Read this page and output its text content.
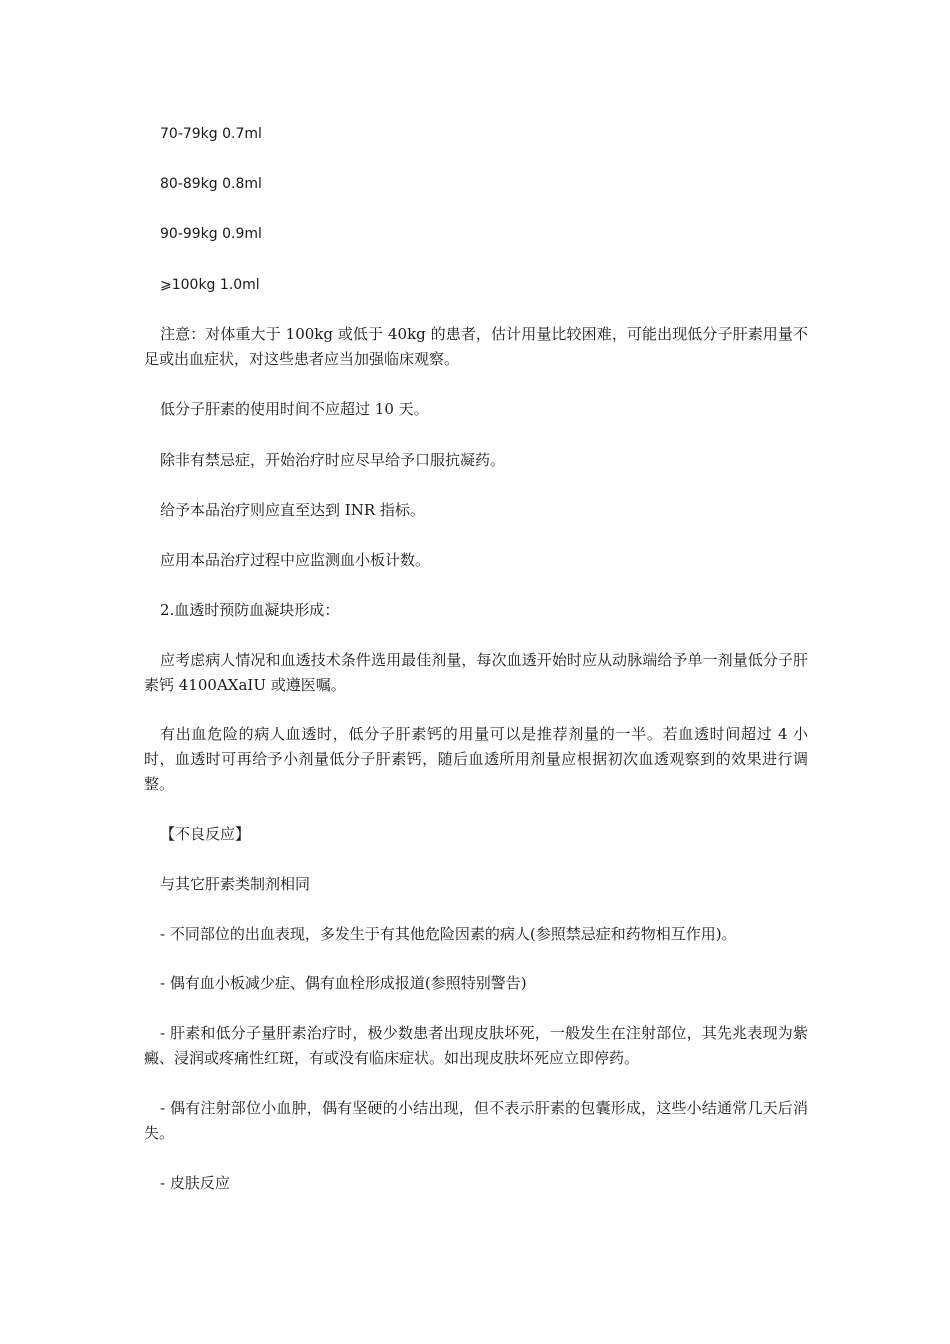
70-79kg 0.7ml

80-89kg 0.8ml

90-99kg 0.9ml

⩾100kg 1.0ml

注意：对体重大于 100kg 或低于 40kg 的患者，估计用量比较困难，可能出现低分子肝素用量不足或出血症状，对这些患者应当加强临床观察。

低分子肝素的使用时间不应超过 10 天。

除非有禁忌症，开始治疗时应尽早给予口服抗凝药。

给予本品治疗则应直至达到 INR 指标。

应用本品治疗过程中应监测血小板计数。

2.血透时预防血凝块形成：

应考虑病人情况和血透技术条件选用最佳剂量，每次血透开始时应从动脉端给予单一剂量低分子肝素钙 4100AXaIU 或遵医嘱。

有出血危险的病人血透时，低分子肝素钙的用量可以是推荐剂量的一半。若血透时间超过 4 小时，血透时可再给予小剂量低分子肝素钙，随后血透所用剂量应根据初次血透观察到的效果进行调整。

【不良反应】

与其它肝素类制剂相同

- 不同部位的出血表现，多发生于有其他危险因素的病人(参照禁忌症和药物相互作用)。

- 偶有血小板减少症、偶有血栓形成报道(参照特别警告)

- 肝素和低分子量肝素治疗时，极少数患者出现皮肤坏死，一般发生在注射部位，其先兆表现为紫癜、浸润或疼痛性红斑，有或没有临床症状。如出现皮肤坏死应立即停药。

- 偶有注射部位小血肿，偶有坚硬的小结出现，但不表示肝素的包囊形成，这些小结通常几天后消失。

- 皮肤反应
